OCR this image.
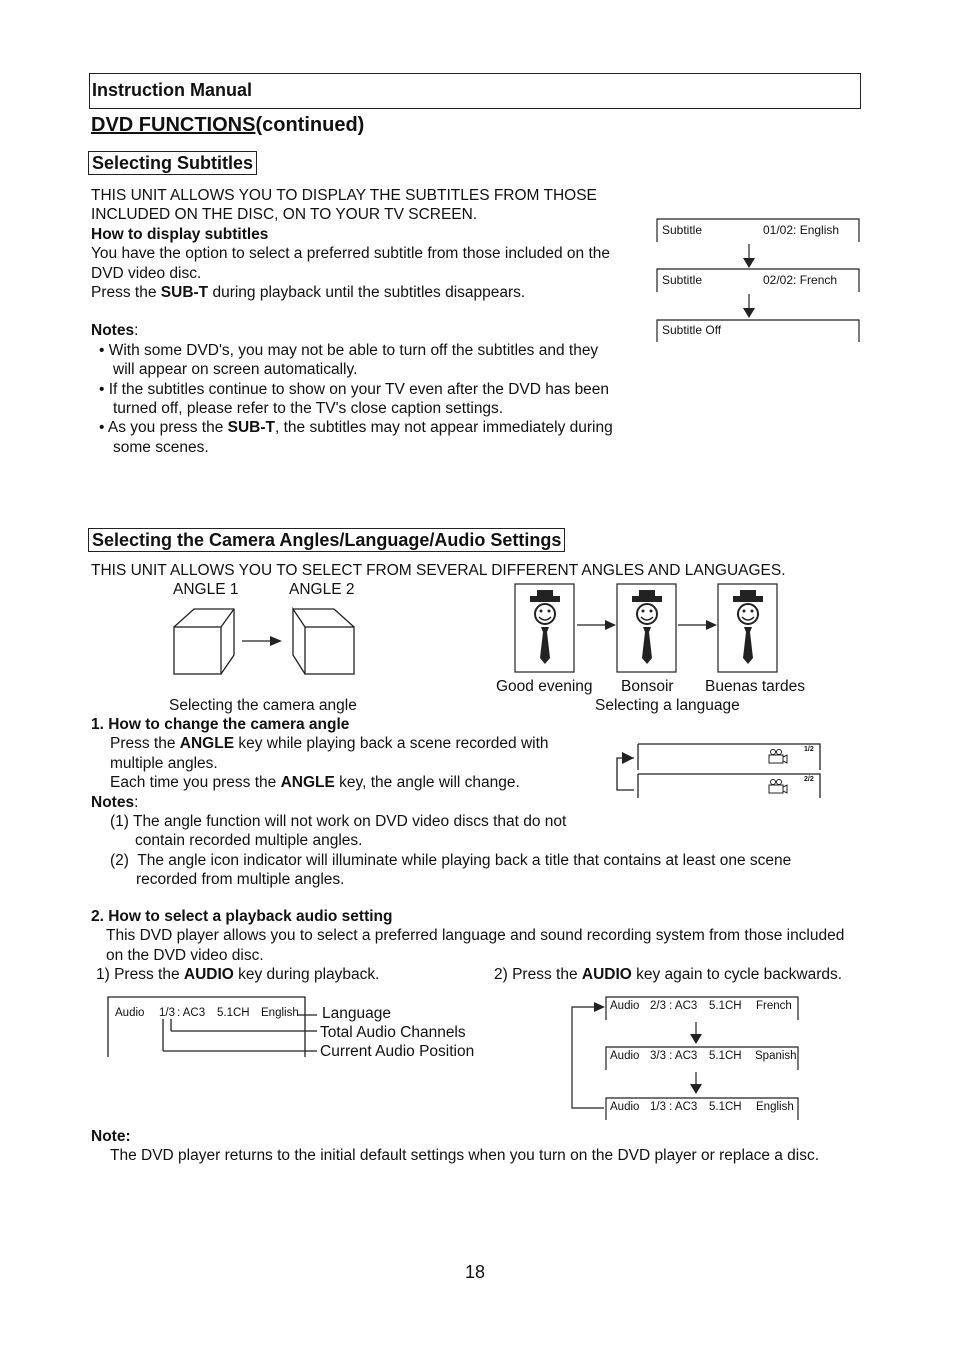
Instruction Manual
DVD FUNCTIONS(continued)
Selecting Subtitles
THIS UNIT ALLOWS YOU TO DISPLAY THE SUBTITLES FROM THOSE
INCLUDED ON THE DISC, ON TO YOUR TV SCREEN.
How to display subtitles
You have the option to select a preferred subtitle from those included on the
DVD video disc.
Press the SUB-T during playback until the subtitles disappears.
Notes:
• With some DVD's, you may not be able to turn off the subtitles and they
will appear on screen automatically.
• If the subtitles continue to show on your TV even after the DVD has been
turned off, please refer to the TV's close caption settings.
• As you press the SUB-T, the subtitles may not appear immediately during
some scenes.
Subtitle	01/02: English
Subtitle	02/02: French
Subtitle Off
Selecting the Camera Angles/Language/Audio Settings
THIS UNIT ALLOWS YOU TO SELECT FROM SEVERAL DIFFERENT ANGLES AND LANGUAGES.
ANGLE 1	ANGLE 2
Good evening Bonsoir Buenas tardes
Selecting the camera angle	Selecting a language
1. How to change the camera angle
Press the ANGLE key while playing back a scene recorded with
multiple angles.
Each time you press the ANGLE key, the angle will change.
Notes:
(1) The angle function will not work on DVD video discs that do not
contain recorded multiple angles.
(2) The angle icon indicator will illuminate while playing back a title that contains at least one scene
recorded from multiple angles.
1/2
2/2
2. How to select a playback audio setting
This DVD player allows you to select a preferred language and sound recording system from those included
on the DVD video disc.
1) Press the AUDIO key during playback.	2) Press the AUDIO key again to cycle backwards.
Audio 1/3 : AC3 5.1CH English Language
Total Audio Channels
Current Audio Position
Audio 2/3 : AC3 5.1CH French
Audio 3/3 : AC3 5.1CH Spanish
Audio 1/3 : AC3 5.1CH English
Note:
The DVD player returns to the initial default settings when you turn on the DVD player or replace a disc.
18
